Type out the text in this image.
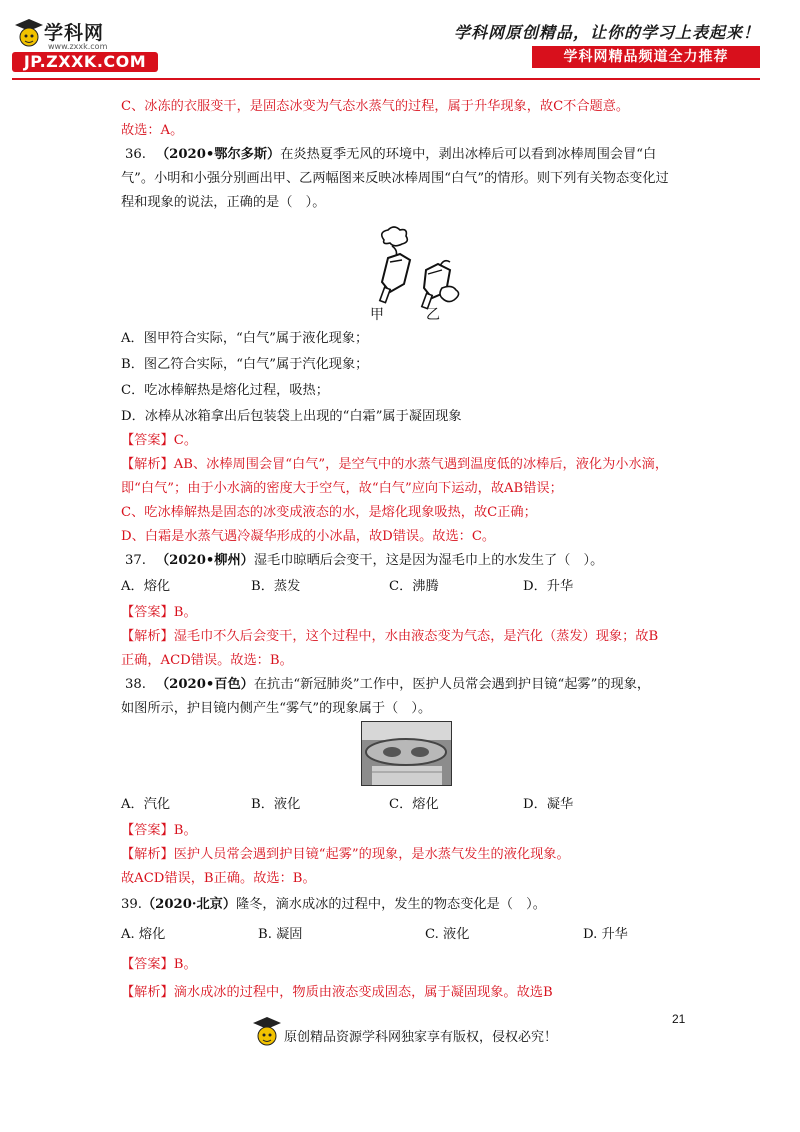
学科网
www.zxxk.com
JP.ZXXK.COM
学科网原创精品，让你的学习上表起来！
学科网精品频道全力推荐
C、冰冻的衣服变干，是固态冰变为气态水蒸气的过程，属于升华现象，故C不合题意。
故选：A。
36. （2020•鄂尔多斯）在炎热夏季无风的环境中，剥出冰棒后可以看到冰棒周围会冒“白
气”。小明和小强分别画出甲、乙两幅图来反映冰棒周围“白气”的情形。则下列有关物态变化过
程和现象的说法，正确的是（　）。
甲	乙
A．图甲符合实际，“白气”属于液化现象；
B．图乙符合实际，“白气”属于汽化现象；
C．吃冰棒解热是熔化过程，吸热；
D．冰棒从冰箱拿出后包装袋上出现的“白霜”属于凝固现象
【答案】C。
【解析】AB、冰棒周围会冒“白气”，是空气中的水蒸气遇到温度低的冰棒后，液化为小水滴，
即“白气”；由于小水滴的密度大于空气，故“白气”应向下运动，故AB错误；
C、吃冰棒解热是固态的冰变成液态的水，是熔化现象吸热，故C正确；
D、白霜是水蒸气遇冷凝华形成的小冰晶，故D错误。故选：C。
37. （2020•柳州）湿毛巾晾晒后会变干，这是因为湿毛巾上的水发生了（　）。
A．熔化	B．蒸发	C．沸腾	D．升华
【答案】B。
【解析】湿毛巾不久后会变干，这个过程中，水由液态变为气态，是汽化（蒸发）现象；故B
正确，ACD错误。故选：B。
38. （2020•百色）在抗击“新冠肺炎”工作中，医护人员常会遇到护目镜“起雾”的现象，
如图所示，护目镜内侧产生“雾气”的现象属于（　）。
A．汽化	B．液化	C．熔化	D．凝华
【答案】B。
【解析】医护人员常会遇到护目镜“起雾”的现象，是水蒸气发生的液化现象。
故ACD错误，B正确。故选：B。
39.（2020·北京）隆冬，滴水成冰的过程中，发生的物态变化是（　）。
A. 熔化	B. 凝固	C. 液化	D. 升华
【答案】B。
【解析】滴水成冰的过程中，物质由液态变成固态，属于凝固现象。故选B
21
原创精品资源学科网独家享有版权，侵权必究！
